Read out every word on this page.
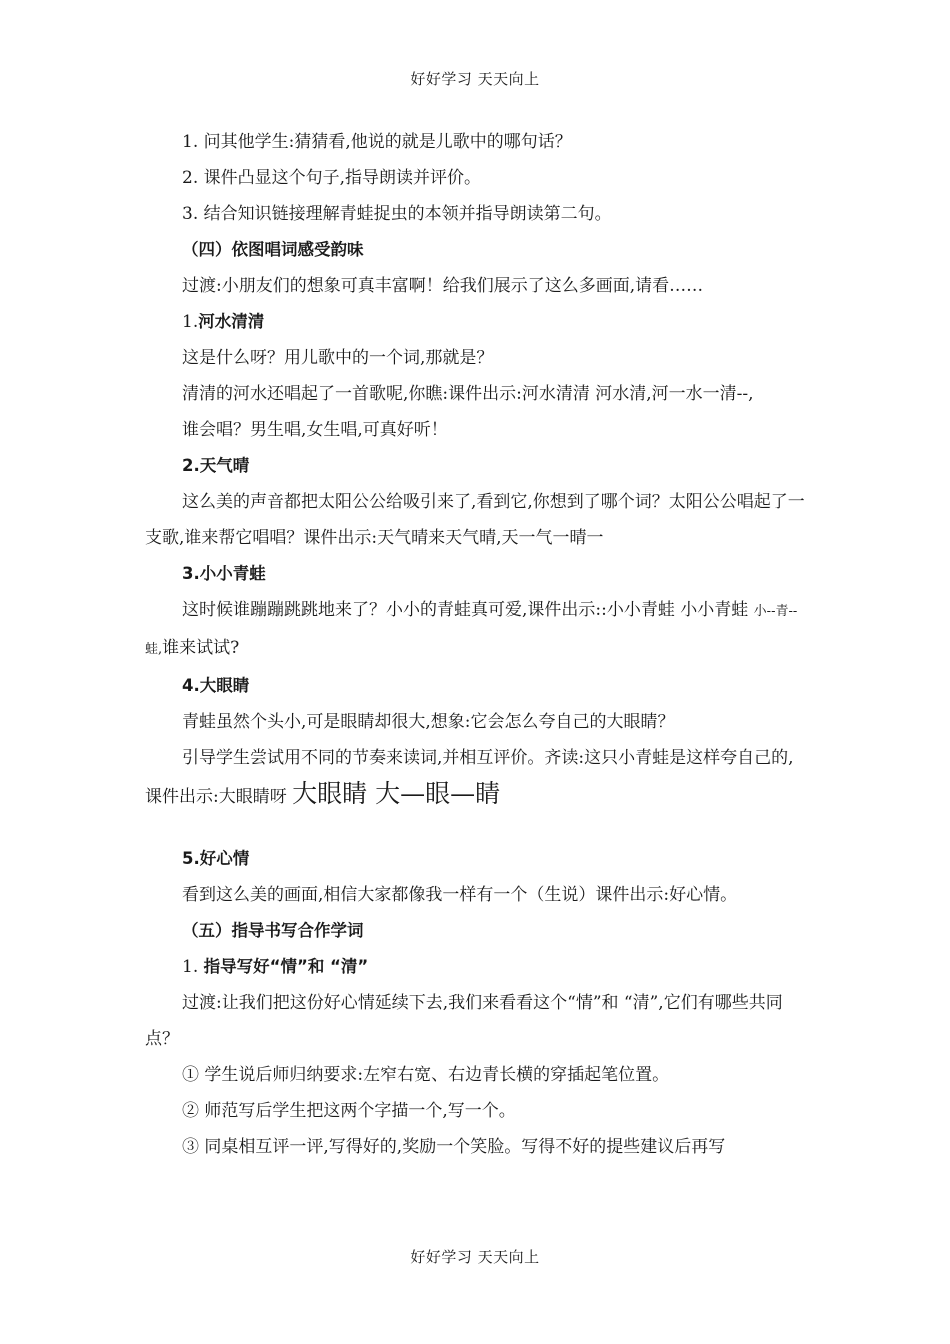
好好学习 天天向上

1. 问其他学生:猜猜看,他说的就是儿歌中的哪句话？

2. 课件凸显这个句子,指导朗读并评价。

3. 结合知识链接理解青蛙捉虫的本领并指导朗读第二句。

（四）依图唱词感受韵味

过渡:小朋友们的想象可真丰富啊！给我们展示了这么多画面,请看……

1.河水清清

这是什么呀？用儿歌中的一个词,那就是？

清清的河水还唱起了一首歌呢,你瞧:课件出示:河水清清 河水清,河一水一清--,

谁会唱？男生唱,女生唱,可真好听！

2.天气晴

这么美的声音都把太阳公公给吸引来了,看到它,你想到了哪个词？太阳公公唱起了一支歌,谁来帮它唱唱？课件出示:天气晴来天气晴,天一气一晴一

3.小小青蛙

这时候谁蹦蹦跳跳地来了？小小的青蛙真可爱,课件出示::小小青蛙 小小青蛙 小--青--蛙,谁来试试?

4.大眼睛

青蛙虽然个头小,可是眼睛却很大,想象:它会怎么夸自己的大眼睛？

引导学生尝试用不同的节奏来读词,并相互评价。齐读:这只小青蛙是这样夸自己的,课件出示:大眼睛呀 大眼睛 大—眼—睛

5.好心情

看到这么美的画面,相信大家都像我一样有一个（生说）课件出示:好心情。

（五）指导书写合作学词

1. 指导写好“情”和 “清”

过渡:让我们把这份好心情延续下去,我们来看看这个“情”和 “清”,它们有哪些共同点？

① 学生说后师归纳要求:左窄右宽、右边青长横的穿插起笔位置。

② 师范写后学生把这两个字描一个,写一个。

③ 同桌相互评一评,写得好的,奖励一个笑脸。写得不好的提些建议后再写

好好学习 天天向上
